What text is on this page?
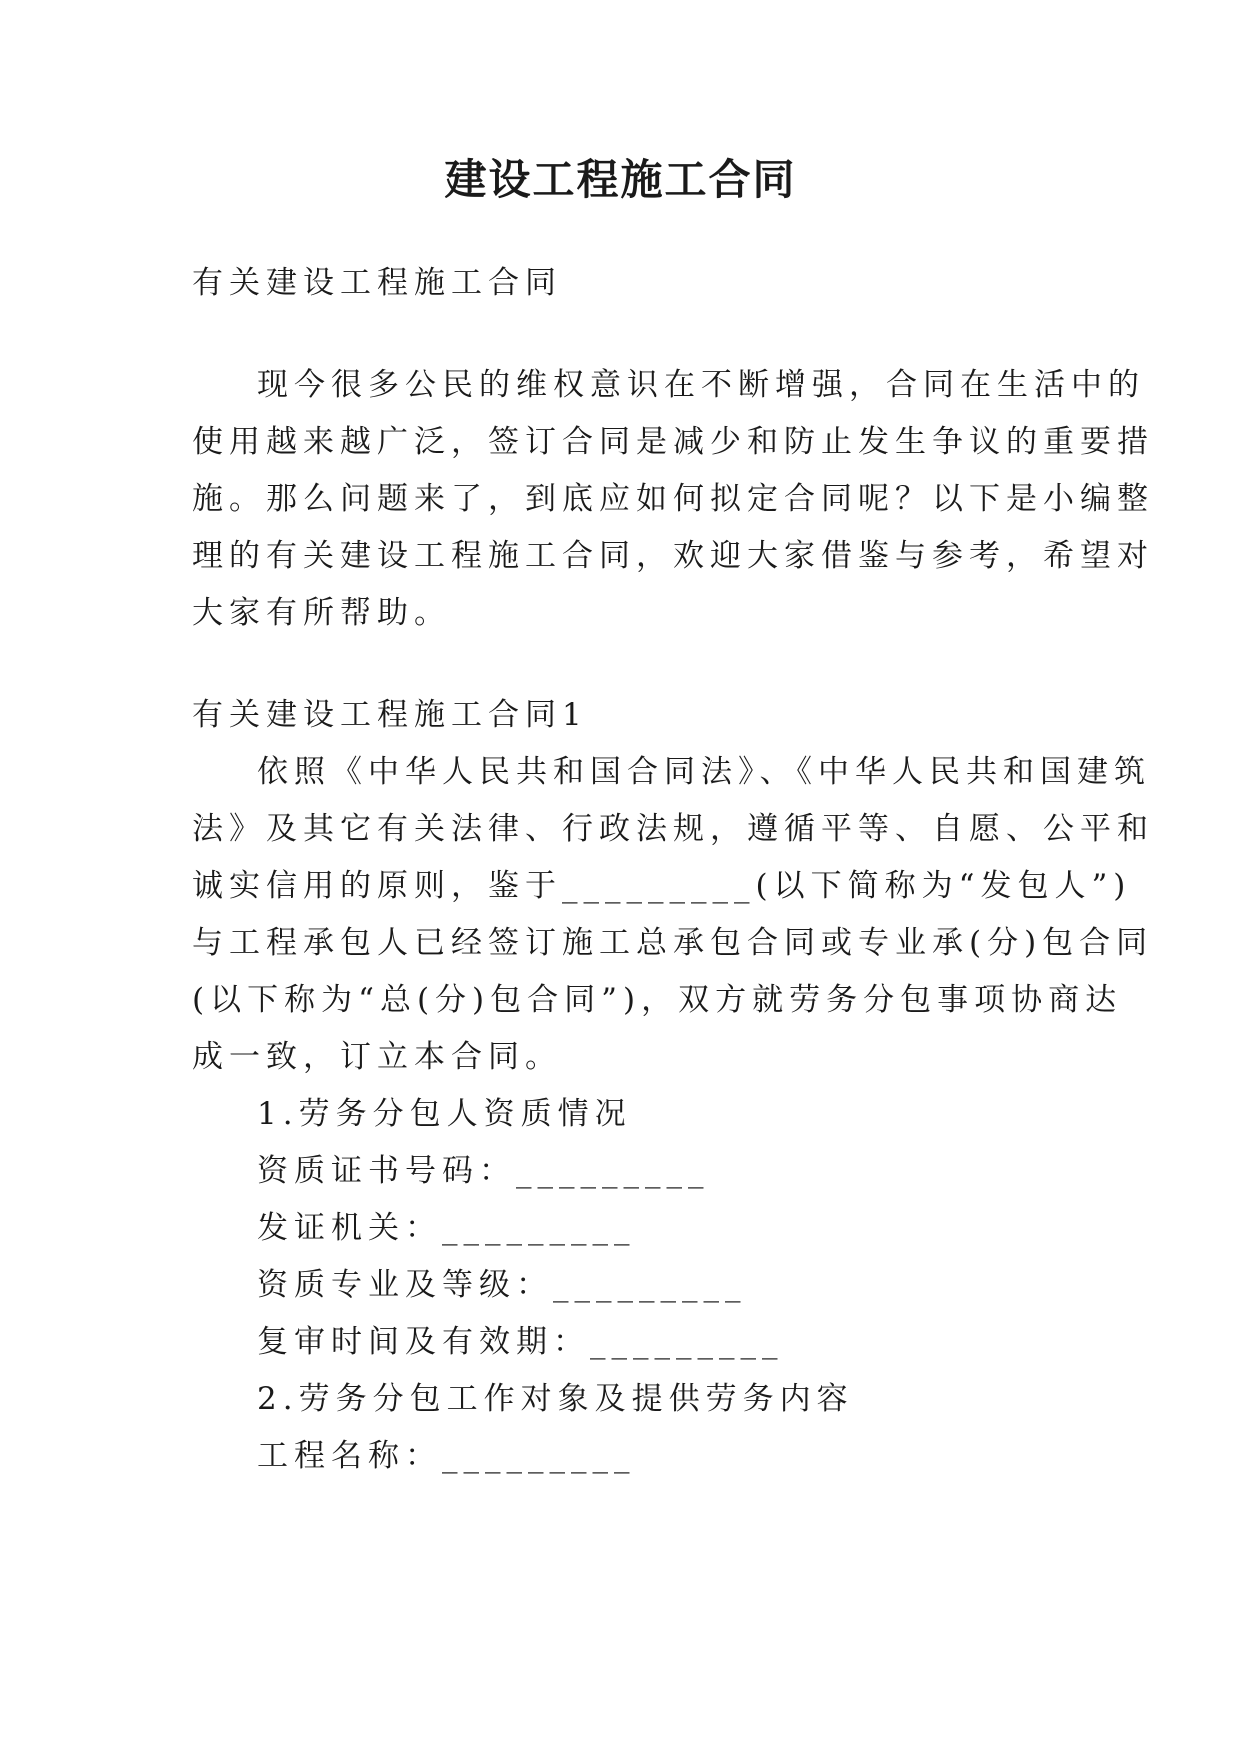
建设工程施工合同
有关建设工程施工合同
现今很多公民的维权意识在不断增强，合同在生活中的
使用越来越广泛，签订合同是减少和防止发生争议的重要措
施。那么问题来了，到底应如何拟定合同呢？以下是小编整
理的有关建设工程施工合同，欢迎大家借鉴与参考，希望对
大家有所帮助。
有关建设工程施工合同1
依照《中华人民共和国合同法》、《中华人民共和国建筑
法》及其它有关法律、行政法规，遵循平等、自愿、公平和
诚实信用的原则，鉴于_________(以下简称为“发包人”)
与工程承包人已经签订施工总承包合同或专业承(分)包合同
(以下称为“总(分)包合同”)，双方就劳务分包事项协商达
成一致，订立本合同。
1.劳务分包人资质情况
资质证书号码：_________
发证机关：_________
资质专业及等级：_________
复审时间及有效期：_________
2.劳务分包工作对象及提供劳务内容
工程名称：_________
